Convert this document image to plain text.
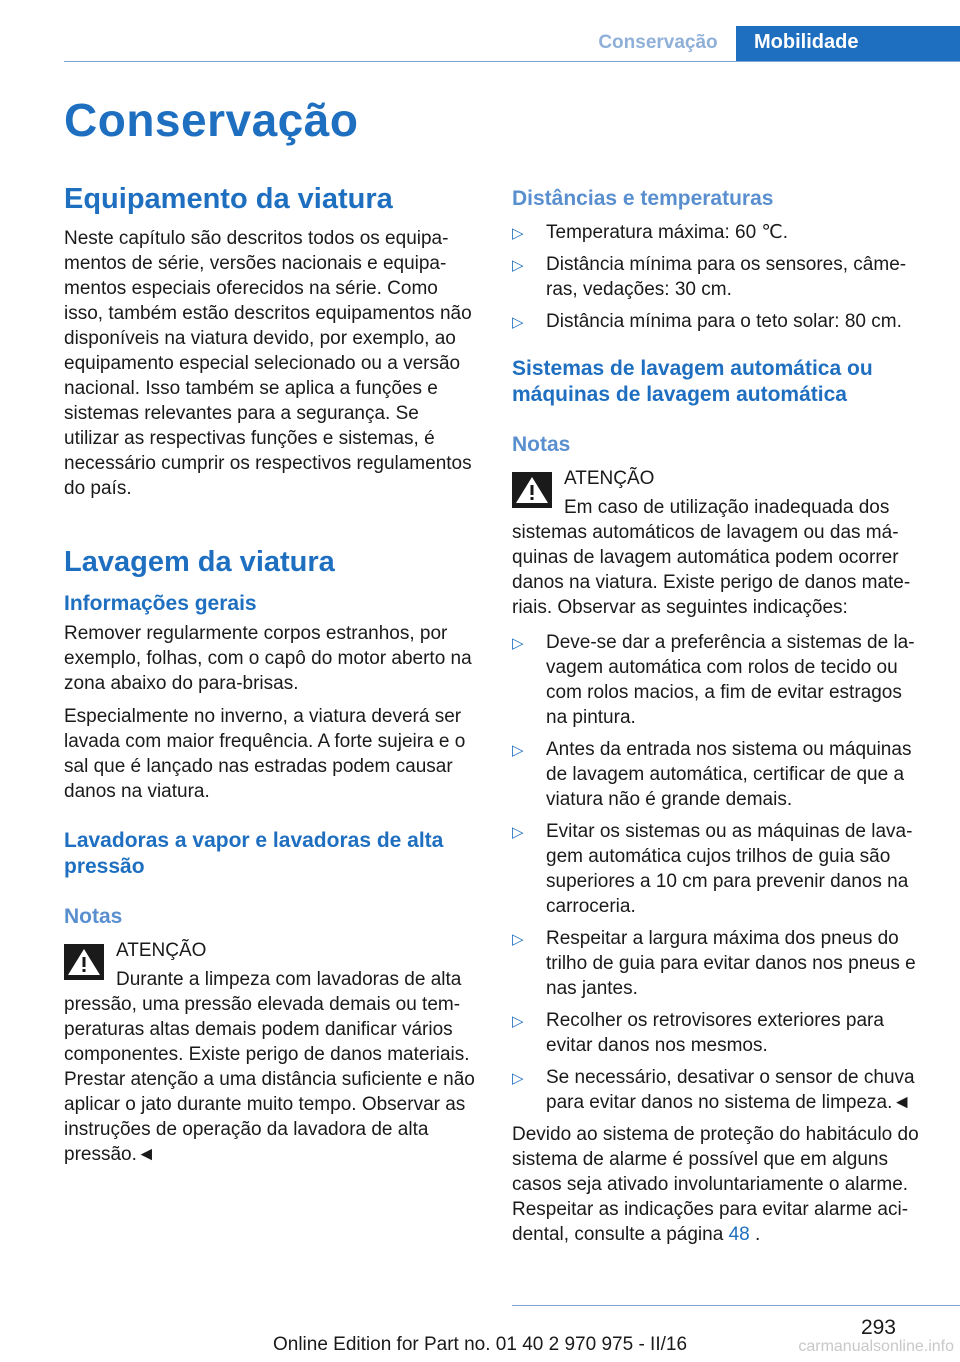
Conservação	Mobilidade
Conservação
Equipamento da viatura

Neste capítulo são descritos todos os equipamentos de série, versões nacionais e equipamentos especiais oferecidos na série. Como isso, também estão descritos equipamentos não disponíveis na viatura devido, por exemplo, ao equipamento especial selecionado ou a versão nacional. Isso também se aplica a funções e sistemas relevantes para a segurança. Se utilizar as respectivas funções e sistemas, é necessário cumprir os respectivos regulamentos do país.

Lavagem da viatura
Informações gerais

Remover regularmente corpos estranhos, por exemplo, folhas, com o capô do motor aberto na zona abaixo do para-brisas.

Especialmente no inverno, a viatura deverá ser lavada com maior frequência. A forte sujeira e o sal que é lançado nas estradas podem causar danos na viatura.

Lavadoras a vapor e lavadoras de alta pressão
Notas
ATENÇÃO

Durante a limpeza com lavadoras de alta pressão, uma pressão elevada demais ou temperaturas altas demais podem danificar vários componentes. Existe perigo de danos materiais. Prestar atenção a uma distância suficiente e não aplicar o jato durante muito tempo. Observar as instruções de operação da lavadora de alta pressão.◄

Distâncias e temperaturas
▷ Temperatura máxima: 60 ℃.
▷ Distância mínima para os sensores, câmeras, vedações: 30 cm.
▷ Distância mínima para o teto solar: 80 cm.
Sistemas de lavagem automática ou máquinas de lavagem automática
Notas
ATENÇÃO

Em caso de utilização inadequada dos sistemas automáticos de lavagem ou das máquinas de lavagem automática podem ocorrer danos na viatura. Existe perigo de danos materiais. Observar as seguintes indicações:

▷ Deve-se dar a preferência a sistemas de lavagem automática com rolos de tecido ou com rolos macios, a fim de evitar estragos na pintura.
▷ Antes da entrada nos sistema ou máquinas de lavagem automática, certificar de que a viatura não é grande demais.
▷ Evitar os sistemas ou as máquinas de lavagem automática cujos trilhos de guia são superiores a 10 cm para prevenir danos na carroceria.
▷ Respeitar a largura máxima dos pneus do trilho de guia para evitar danos nos pneus e nas jantes.
▷ Recolher os retrovisores exteriores para evitar danos nos mesmos.
▷ Se necessário, desativar o sensor de chuva para evitar danos no sistema de limpeza.◄

Devido ao sistema de proteção do habitáculo do sistema de alarme é possível que em alguns casos seja ativado involuntariamente o alarme. Respeitar as indicações para evitar alarme acidental, consulte a página 48 .

293
Online Edition for Part no. 01 40 2 970 975 - II/16	carmanualsonline.info
